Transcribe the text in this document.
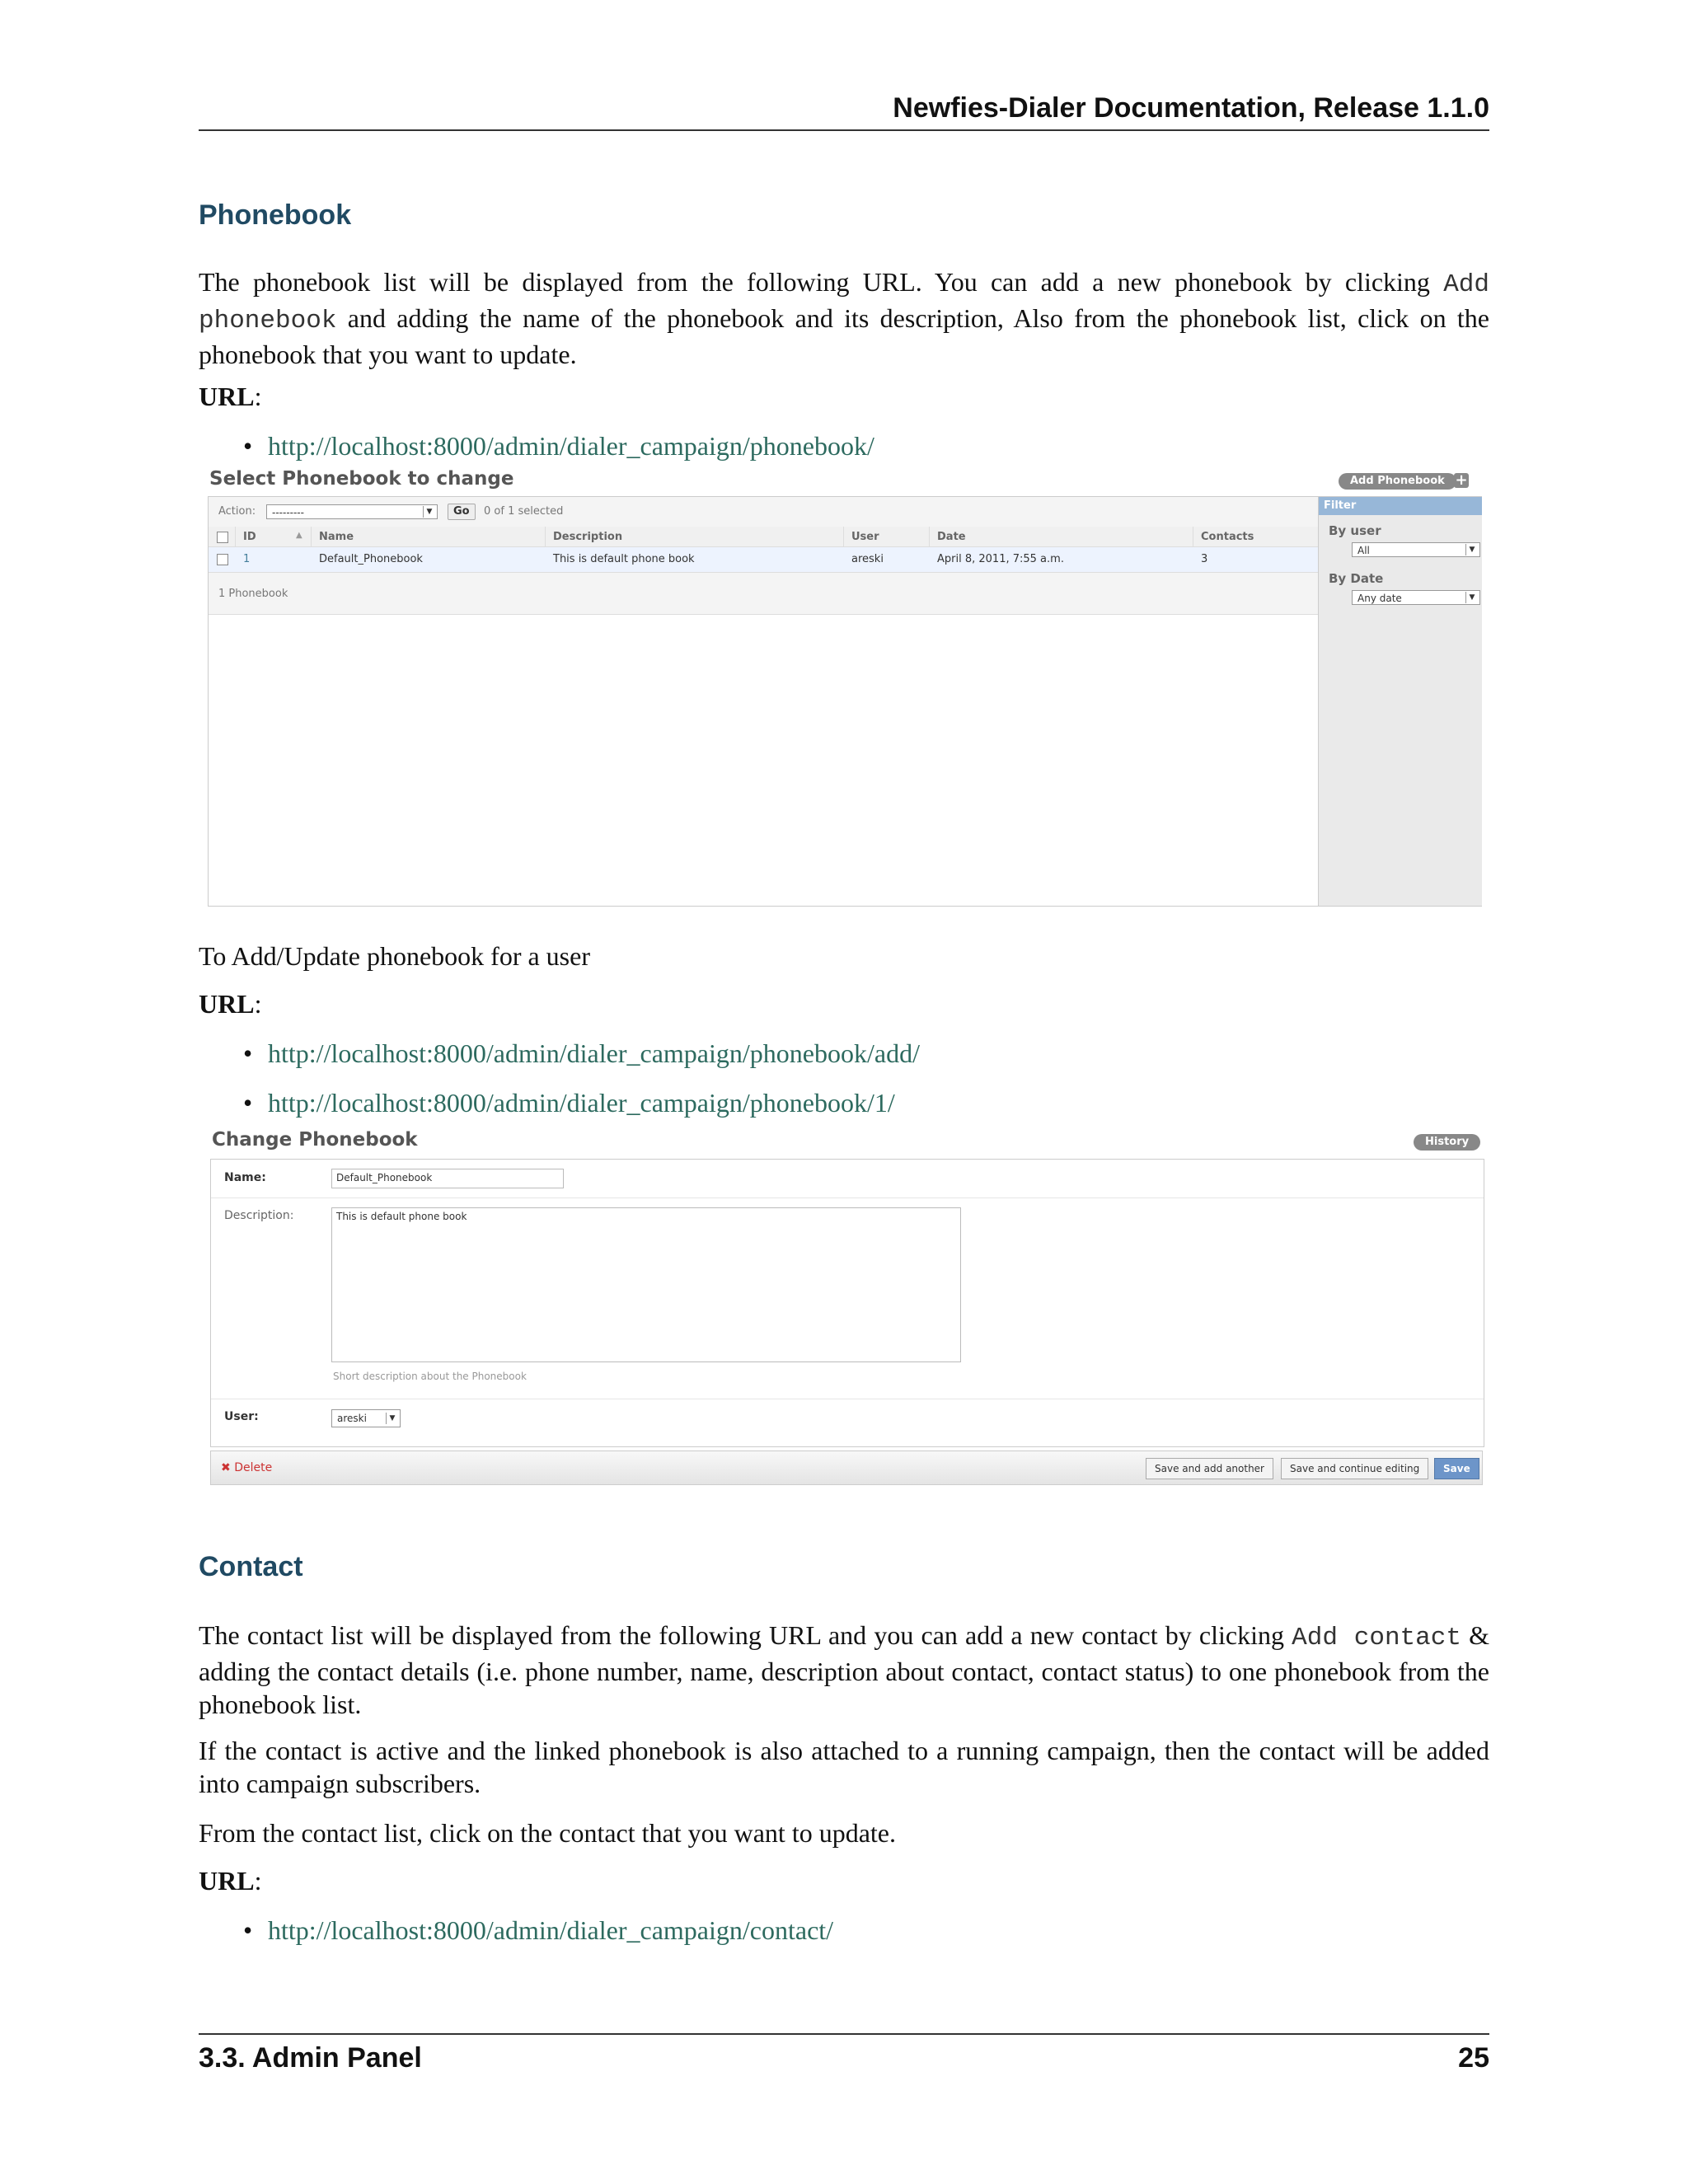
Newfies-Dialer Documentation, Release 1.1.0
Phonebook
The phonebook list will be displayed from the following URL. You can add a new phonebook by clicking Add phonebook and adding the name of the phonebook and its description, Also from the phonebook list, click on the phonebook that you want to update.
URL:
• http://localhost:8000/admin/dialer_campaign/phonebook/
Select Phonebook to change	Add Phonebook +
Action:	---------	▼	Go	0 of 1 selected
ID	▲ Name	Description	User	Date	Contacts
1	Default_Phonebook	This is default phone book	areski	April 8, 2011, 7:55 a.m.	3
1 Phonebook
Filter
By user
All	▼
By Date
Any date	▼
To Add/Update phonebook for a user
URL:
• http://localhost:8000/admin/dialer_campaign/phonebook/add/
• http://localhost:8000/admin/dialer_campaign/phonebook/1/
Change Phonebook	History
Name:	Default_Phonebook
Description:	This is default phone book
Short description about the Phonebook
User:	areski	▼
✖ Delete	Save and add another	Save and continue editing	Save
Contact
The contact list will be displayed from the following URL and you can add a new contact by clicking Add contact & adding the contact details (i.e. phone number, name, description about contact, contact status) to one phonebook from the phonebook list.
If the contact is active and the linked phonebook is also attached to a running campaign, then the contact will be added into campaign subscribers.
From the contact list, click on the contact that you want to update.
URL:
• http://localhost:8000/admin/dialer_campaign/contact/
3.3. Admin Panel	25
